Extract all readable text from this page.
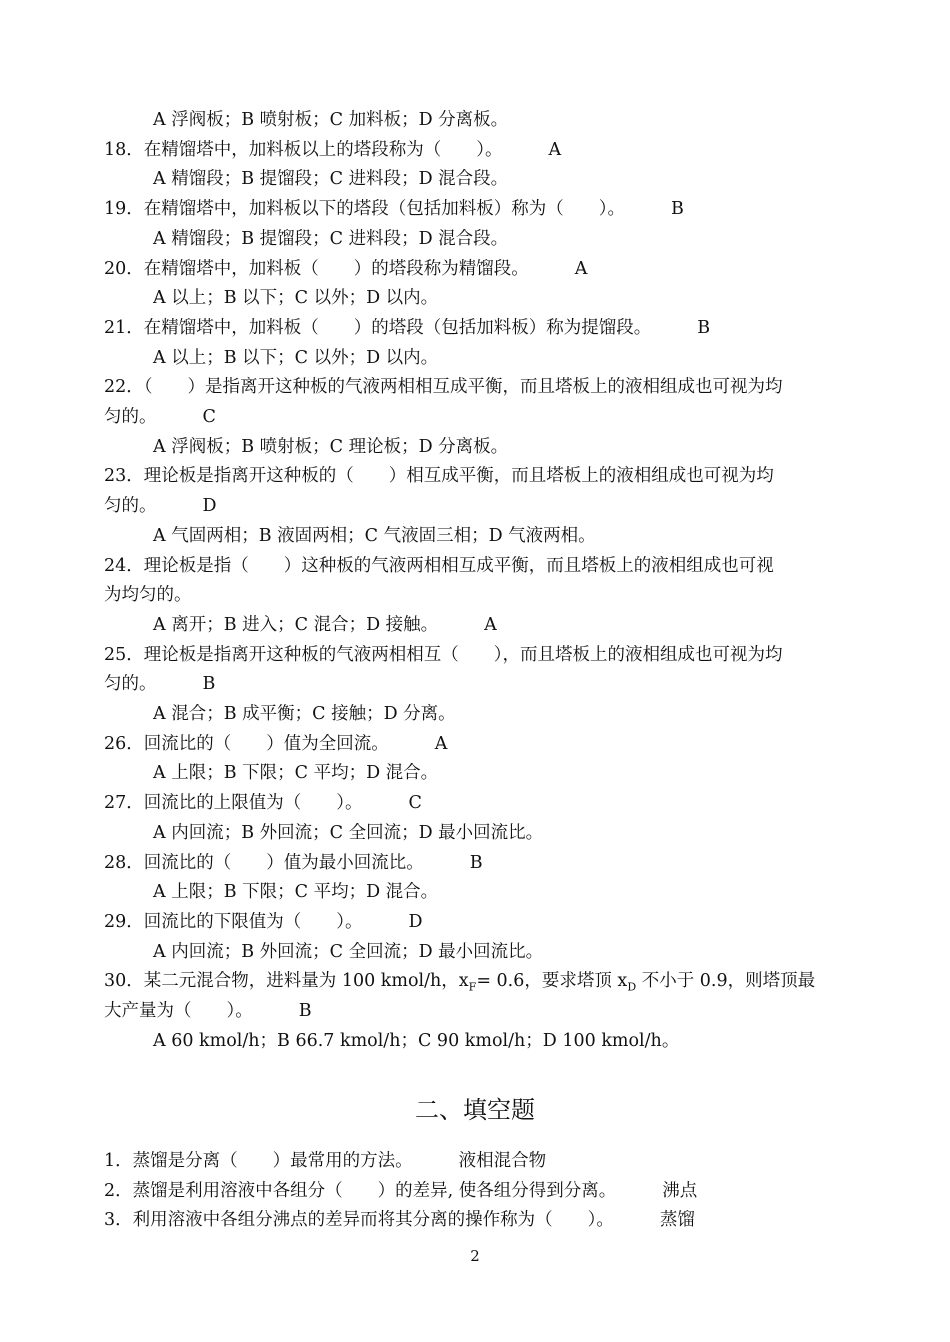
A 浮阀板；B 喷射板；C 加料板；D 分离板。
18．在精馏塔中，加料板以上的塔段称为（　　）。	A
A 精馏段；B 提馏段；C 进料段；D 混合段。
19．在精馏塔中，加料板以下的塔段（包括加料板）称为（　　）。	B
A 精馏段；B 提馏段；C 进料段；D 混合段。
20．在精馏塔中，加料板（　　）的塔段称为精馏段。	A
A 以上；B 以下；C 以外；D 以内。
21．在精馏塔中，加料板（　　）的塔段（包括加料板）称为提馏段。	B
A 以上；B 以下；C 以外；D 以内。
22．（　　）是指离开这种板的气液两相相互成平衡，而且塔板上的液相组成也可视为均
匀的。	C
A 浮阀板；B 喷射板；C 理论板；D 分离板。
23．理论板是指离开这种板的（　　）相互成平衡，而且塔板上的液相组成也可视为均
匀的。	D
A 气固两相；B 液固两相；C 气液固三相；D 气液两相。
24．理论板是指（　　）这种板的气液两相相互成平衡，而且塔板上的液相组成也可视
为均匀的。
A 离开；B 进入；C 混合；D 接触。	A
25．理论板是指离开这种板的气液两相相互（　　），而且塔板上的液相组成也可视为均
匀的。	B
A 混合；B 成平衡；C 接触；D 分离。
26．回流比的（　　）值为全回流。	A
A 上限；B 下限；C 平均；D 混合。
27．回流比的上限值为（　　）。	C
A 内回流；B 外回流；C 全回流；D 最小回流比。
28．回流比的（　　）值为最小回流比。	B
A 上限；B 下限；C 平均；D 混合。
29．回流比的下限值为（　　）。	D
A 内回流；B 外回流；C 全回流；D 最小回流比。
30．某二元混合物，进料量为 100 kmol/h，$x_F= 0.6$，要求塔顶 $x_D$ 不小于 0.9，则塔顶最
大产量为（　　）。	B
A 60 kmol/h；B 66.7 kmol/h；C 90 kmol/h；D 100 kmol/h。
二、填空题
1．蒸馏是分离（　　）最常用的方法。	液相混合物
2．蒸馏是利用溶液中各组分（　　）的差异, 使各组分得到分离。	沸点
3．利用溶液中各组分沸点的差异而将其分离的操作称为（　　）。	蒸馏
2
